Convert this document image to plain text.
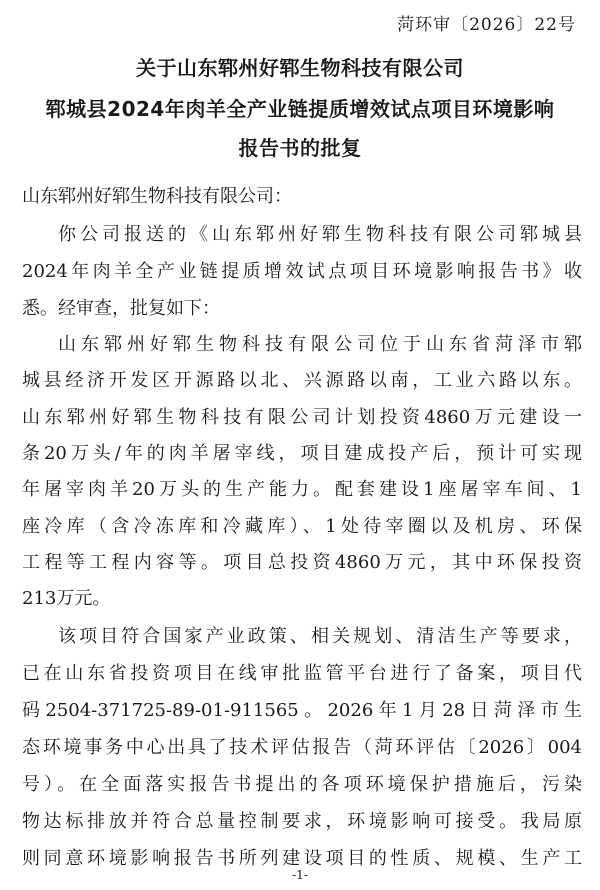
菏环审〔2026〕22号
关于山东郓州好郓生物科技有限公司
郓城县2024年肉羊全产业链提质增效试点项目环境影响
报告书的批复
山东郓州好郓生物科技有限公司：
你公司报送的《山东郓州好郓生物科技有限公司郓城县
2024年肉羊全产业链提质增效试点项目环境影响报告书》收
悉。经审查，批复如下：
山东郓州好郓生物科技有限公司位于山东省菏泽市郓
城县经济开发区开源路以北、兴源路以南，工业六路以东。
山东郓州好郓生物科技有限公司计划投资4860万元建设一
条20万头/年的肉羊屠宰线，项目建成投产后，预计可实现
年屠宰肉羊20万头的生产能力。配套建设1座屠宰车间、1
座冷库（含冷冻库和冷藏库）、1处待宰圈以及机房、环保
工程等工程内容等。项目总投资4860万元，其中环保投资
213万元。
该项目符合国家产业政策、相关规划、清洁生产等要求，
已在山东省投资项目在线审批监管平台进行了备案，项目代
码2504-371725-89-01-911565。2026年1月28日菏泽市生
态环境事务中心出具了技术评估报告（菏环评估〔2026〕004
号）。在全面落实报告书提出的各项环境保护措施后，污染
物达标排放并符合总量控制要求，环境影响可接受。我局原
则同意环境影响报告书所列建设项目的性质、规模、生产工
-1-
